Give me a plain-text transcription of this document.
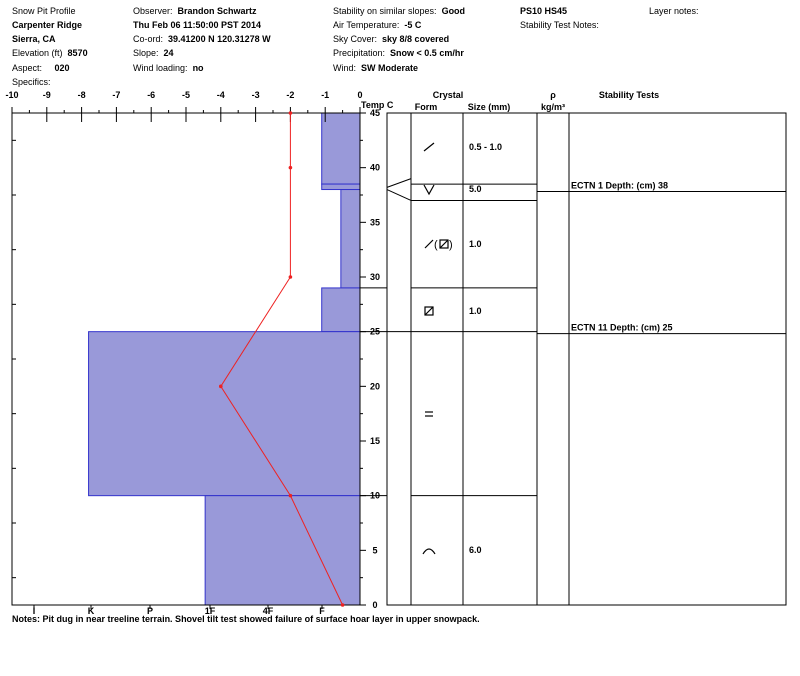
Snow Pit Profile
Carpenter Ridge
Sierra, CA
Elevation (ft) 8570
Aspect: 020
Specifics:
Observer: Brandon Schwartz
Thu Feb 06 11:50:00 PST 2014
Co-ord: 39.41200 N 120.31278 W
Slope: 24
Wind loading: no
Stability on similar slopes: Good
Air Temperature: -5 C
Sky Cover: sky 8/8 covered
Precipitation: Snow < 0.5 cm/hr
Wind: SW Moderate
PS10 HS45
Stability Test Notes:
Layer notes:
-10	-9	-8	-7	-6	-5	-4	-3	-2	-1	0
0
5
10
15
20
25
30
35
40
45
I	K	P	1F	4F	F
0.5 - 1.0
5.0
( ) 1.0
1.0
6.0
ECTN 1 Depth: (cm) 38
ECTN 11 Depth: (cm) 25
Temp C
Crystal
Form	Size (mm)
ρ
kg/m³
Stability Tests
Notes: Pit dug in near treeline terrain. Shovel tilt test showed failure of surface hoar layer in upper snowpack.
